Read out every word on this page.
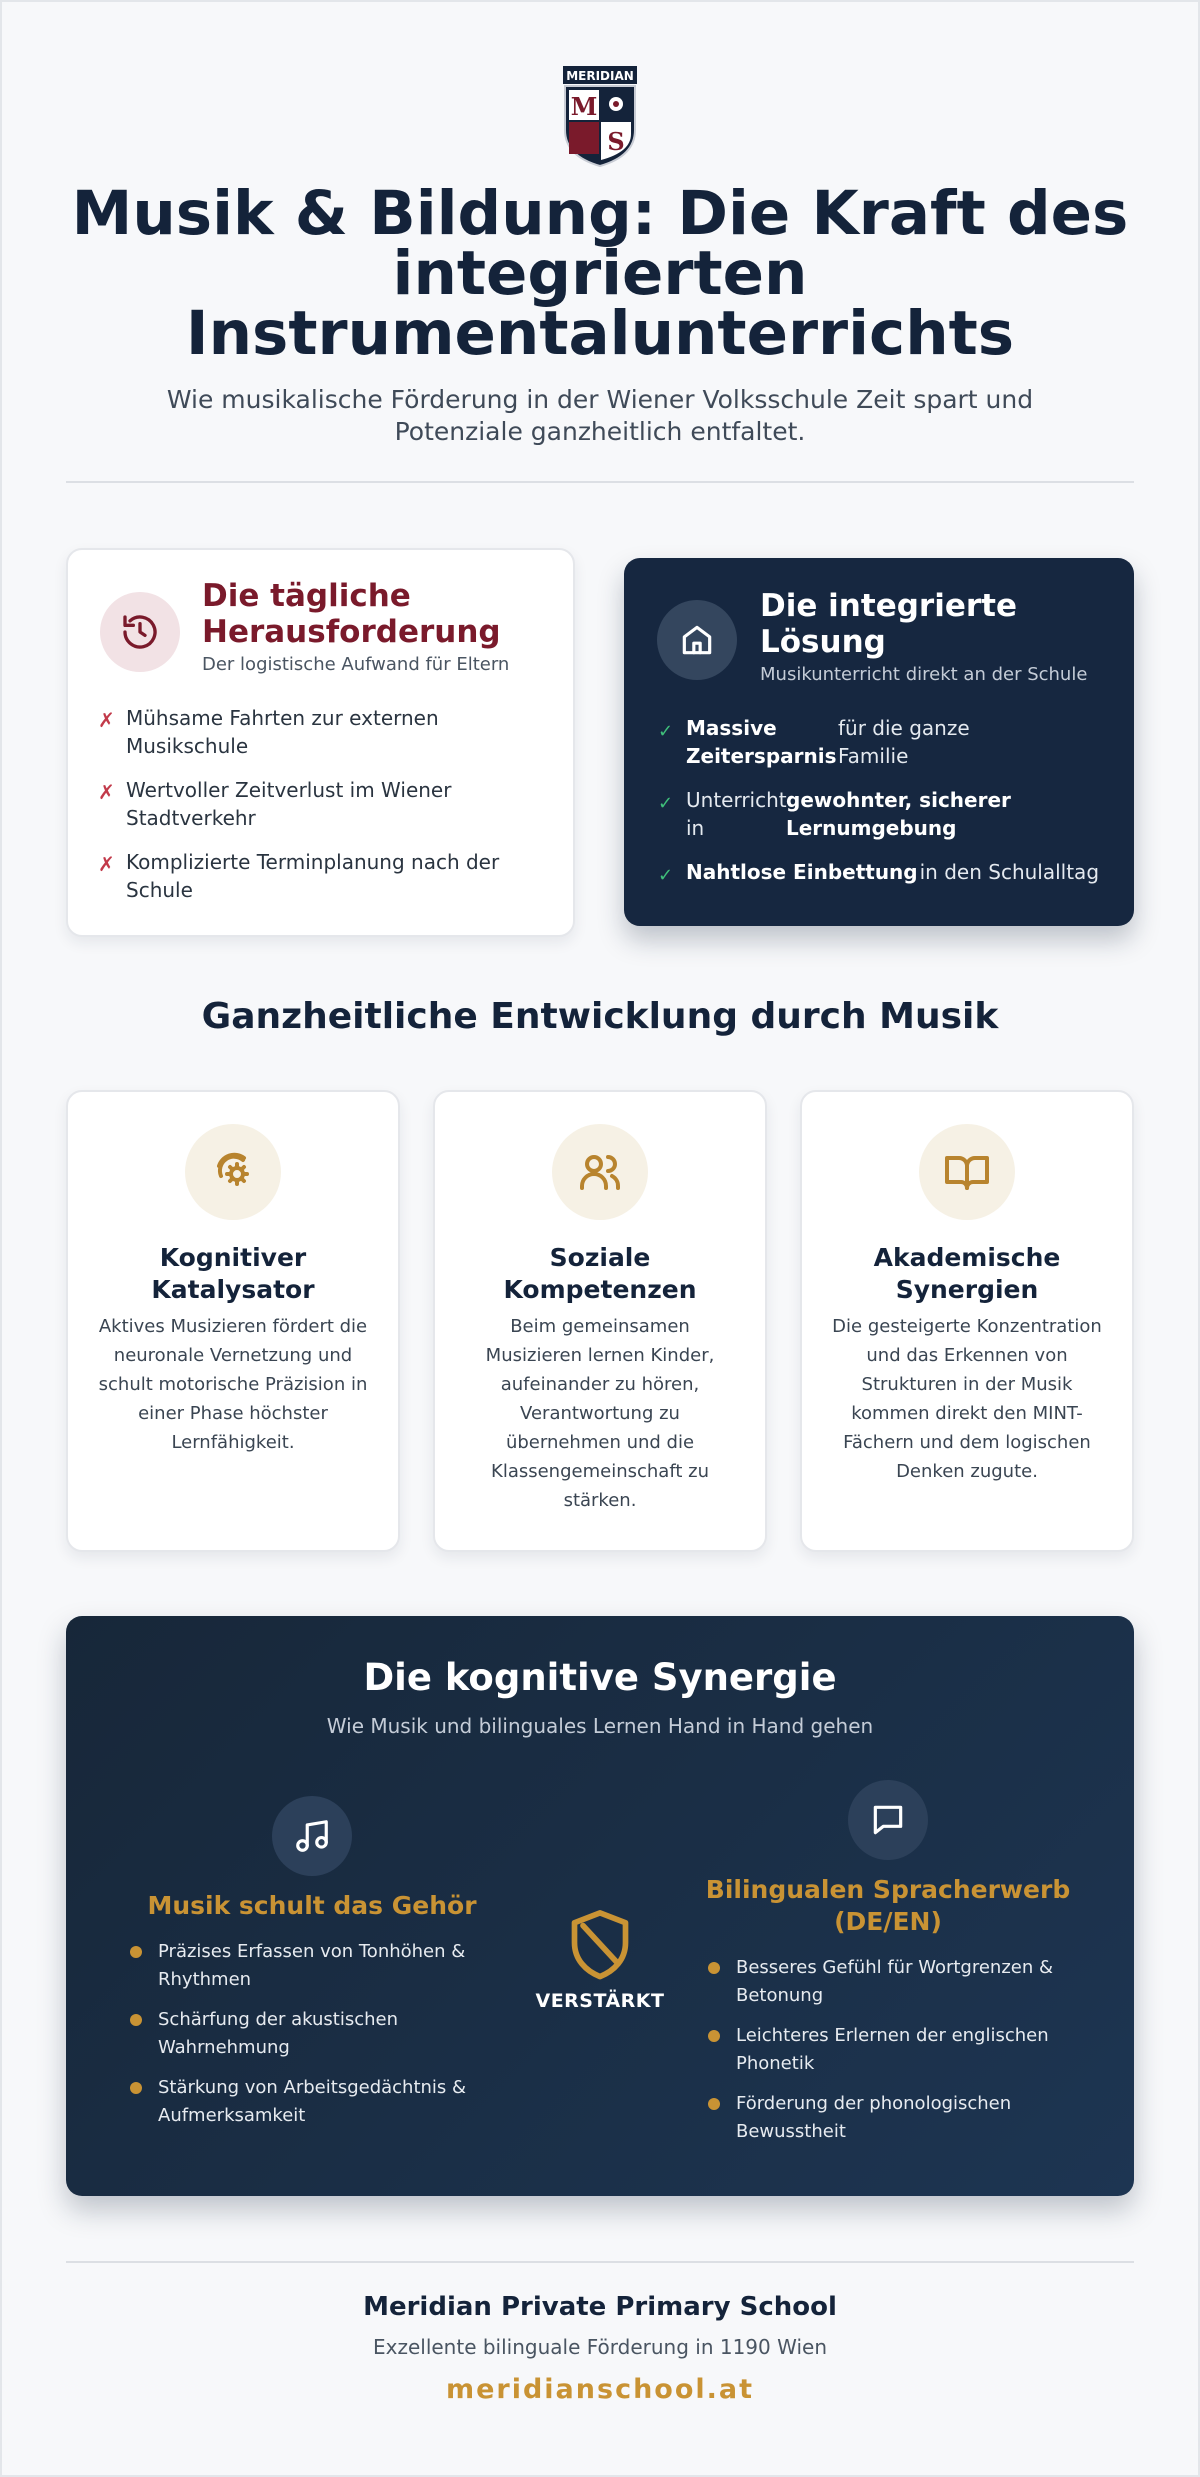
MERIDIAN
M
S
Musik & Bildung: Die Kraft des integrierten Instrumentalunterrichts

Wie musikalische Förderung in der Wiener Volksschule Zeit spart und Potenziale ganzheitlich entfaltet.

Die tägliche Herausforderung
Der logistische Aufwand für Eltern
✗ Mühsame Fahrten zur externen Musikschule
✗ Wertvoller Zeitverlust im Wiener Stadtverkehr
✗ Komplizierte Terminplanung nach der Schule
Die integrierte Lösung
Musikunterricht direkt an der Schule
✓ Massive Zeitersparnis
für die ganze Familie
✓ Unterricht in
gewohnter, sicherer Lernumgebung
✓ Nahtlose Einbettung in den Schulalltag
Ganzheitliche Entwicklung durch Musik
Kognitiver Katalysator
Aktives Musizieren fördert die neuronale Vernetzung und schult motorische Präzision in einer Phase höchster Lernfähigkeit.
Soziale Kompetenzen
Beim gemeinsamen Musizieren lernen Kinder, aufeinander zu hören, Verantwortung zu übernehmen und die Klassengemeinschaft zu stärken.
Akademische Synergien
Die gesteigerte Konzentration und das Erkennen von Strukturen in der Musik kommen direkt den MINT-Fächern und dem logischen Denken zugute.
Die kognitive Synergie
Wie Musik und bilinguales Lernen Hand in Hand gehen
Musik schult das Gehör
Präzises Erfassen von Tonhöhen & Rhythmen
Schärfung der akustischen Wahrnehmung
Stärkung von Arbeitsgedächtnis & Aufmerksamkeit
VERSTÄRKT
Bilingualen Spracherwerb (DE/EN)
Besseres Gefühl für Wortgrenzen & Betonung
Leichteres Erlernen der englischen Phonetik
Förderung der phonologischen Bewusstheit
Meridian Private Primary School
Exzellente bilinguale Förderung in 1190 Wien
meridianschool.at
